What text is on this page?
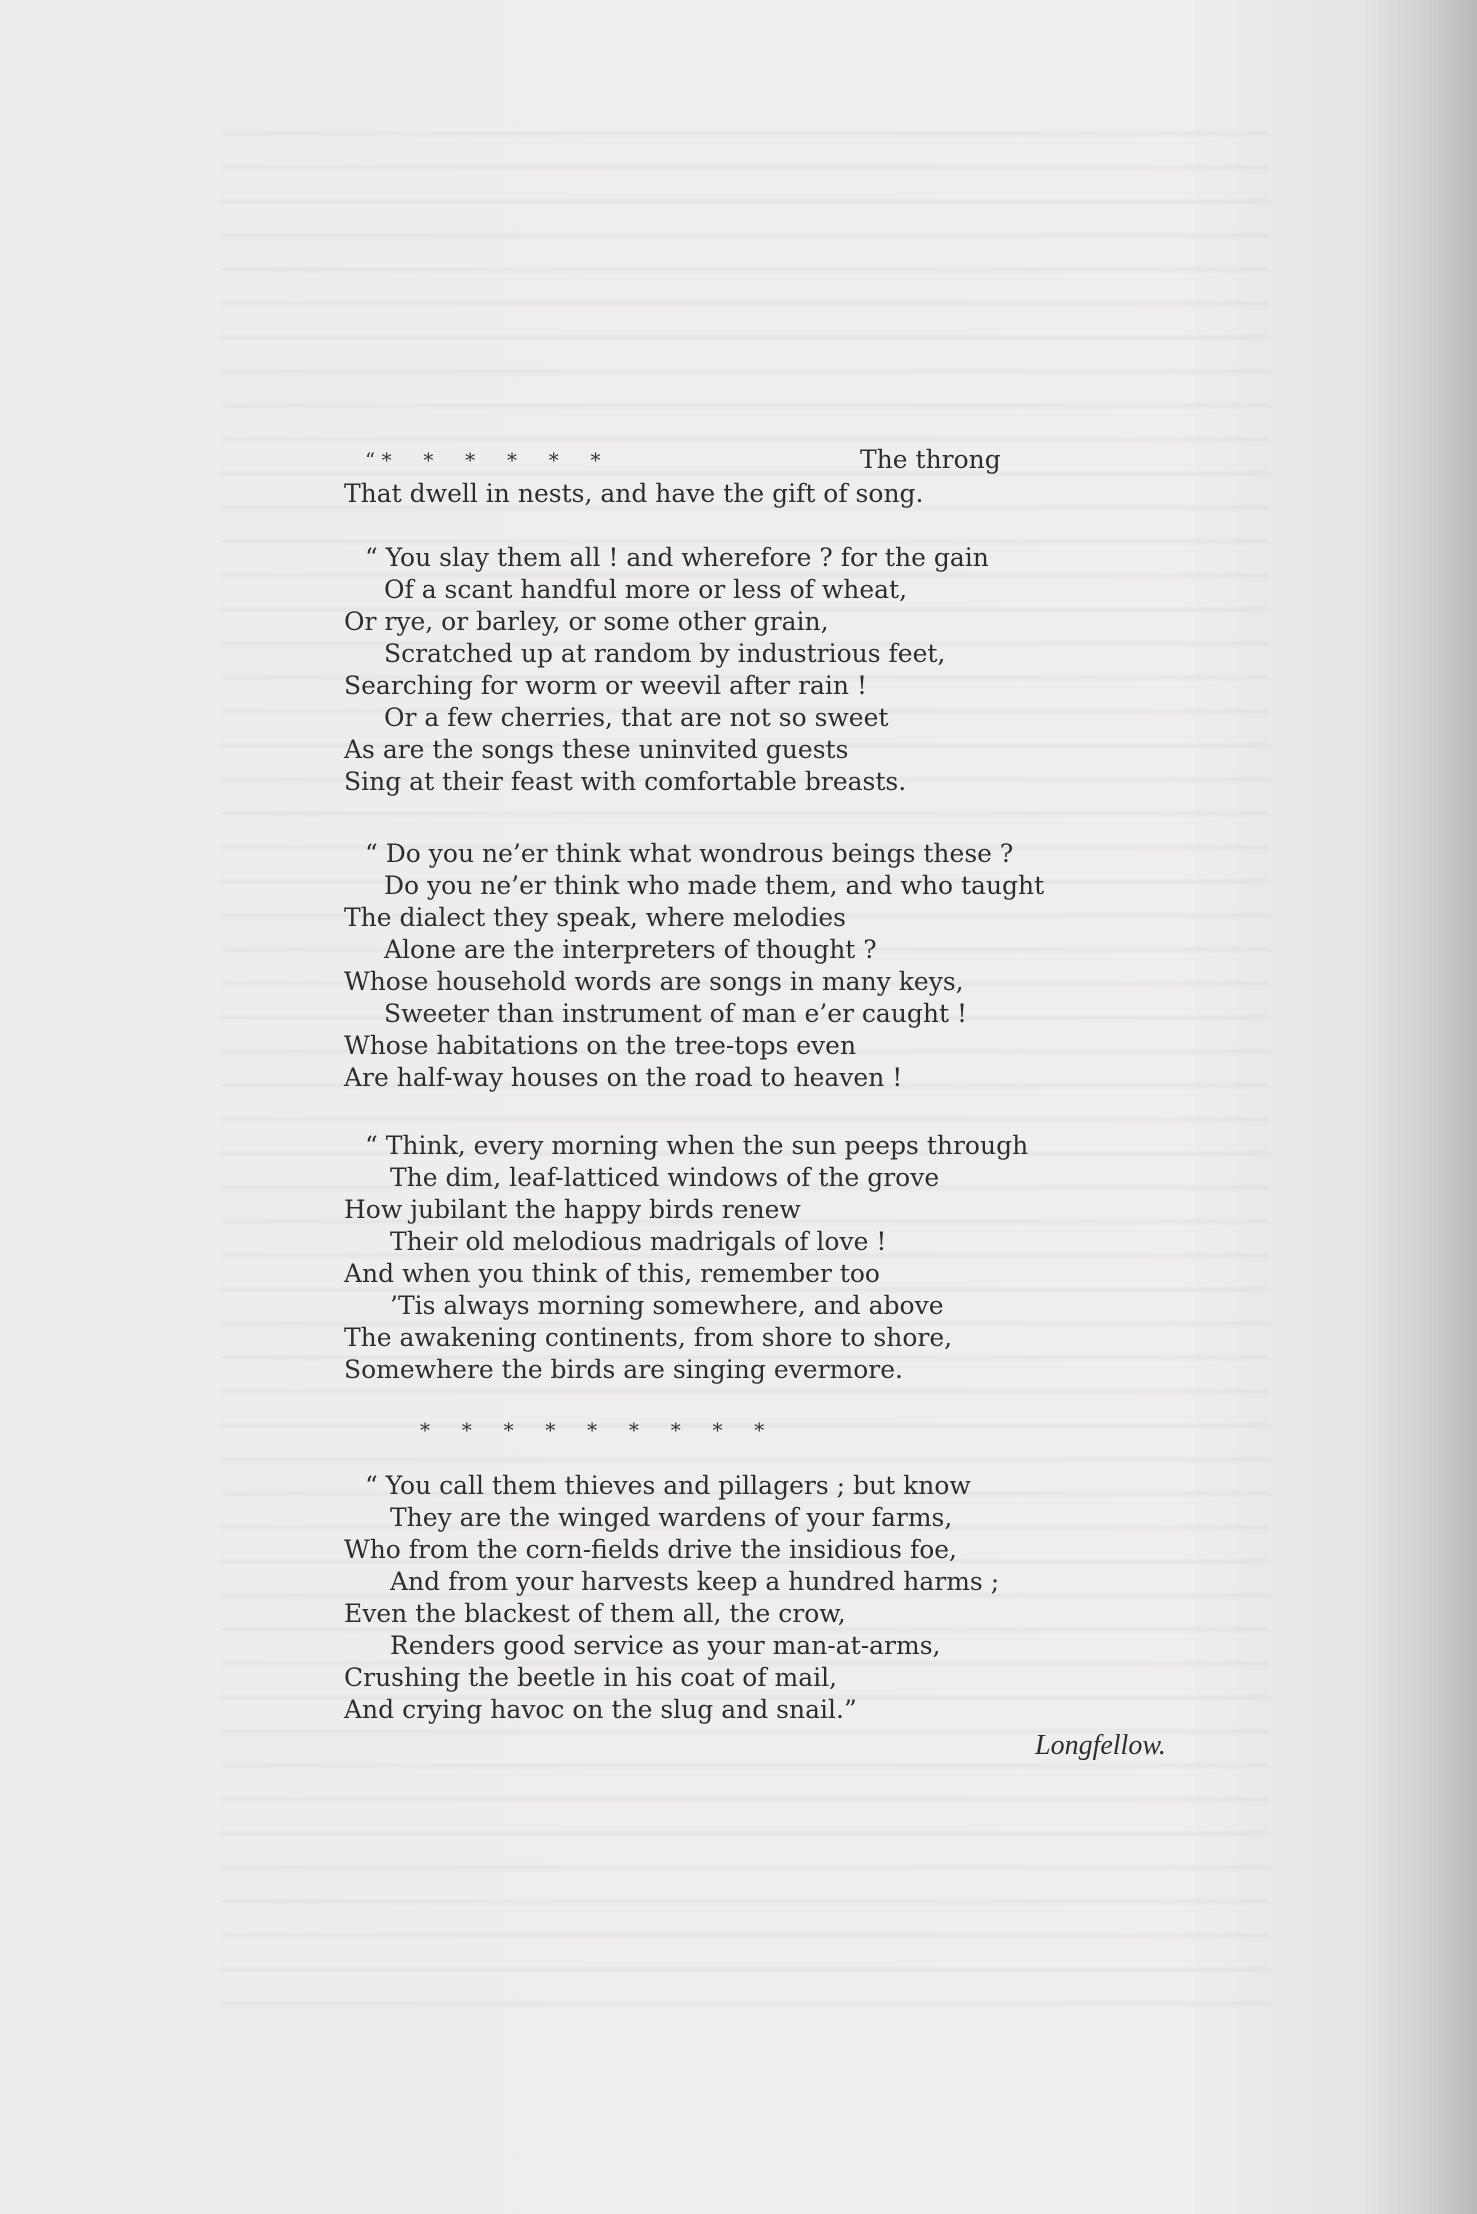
“ *     *     *     *     *     *	The throng
That dwell in nests, and have the gift of song.
“ You slay them all ! and wherefore ? for the gain
Of a scant handful more or less of wheat,
Or rye, or barley, or some other grain,
Scratched up at random by industrious feet,
Searching for worm or weevil after rain !
Or a few cherries, that are not so sweet
As are the songs these uninvited guests
Sing at their feast with comfortable breasts.
“ Do you ne’er think what wondrous beings these ?
Do you ne’er think who made them, and who taught
The dialect they speak, where melodies
Alone are the interpreters of thought ?
Whose household words are songs in many keys,
Sweeter than instrument of man e’er caught !
Whose habitations on the tree-tops even
Are half-way houses on the road to heaven !
“ Think, every morning when the sun peeps through
The dim, leaf-latticed windows of the grove
How jubilant the happy birds renew
Their old melodious madrigals of love !
And when you think of this, remember too
’Tis always morning somewhere, and above
The awakening continents, from shore to shore,
Somewhere the birds are singing evermore.
*     *     *     *     *     *     *     *     *
“ You call them thieves and pillagers ; but know
They are the winged wardens of your farms,
Who from the corn-fields drive the insidious foe,
And from your harvests keep a hundred harms ;
Even the blackest of them all, the crow,
Renders good service as your man-at-arms,
Crushing the beetle in his coat of mail,
And crying havoc on the slug and snail.”
Longfellow.
